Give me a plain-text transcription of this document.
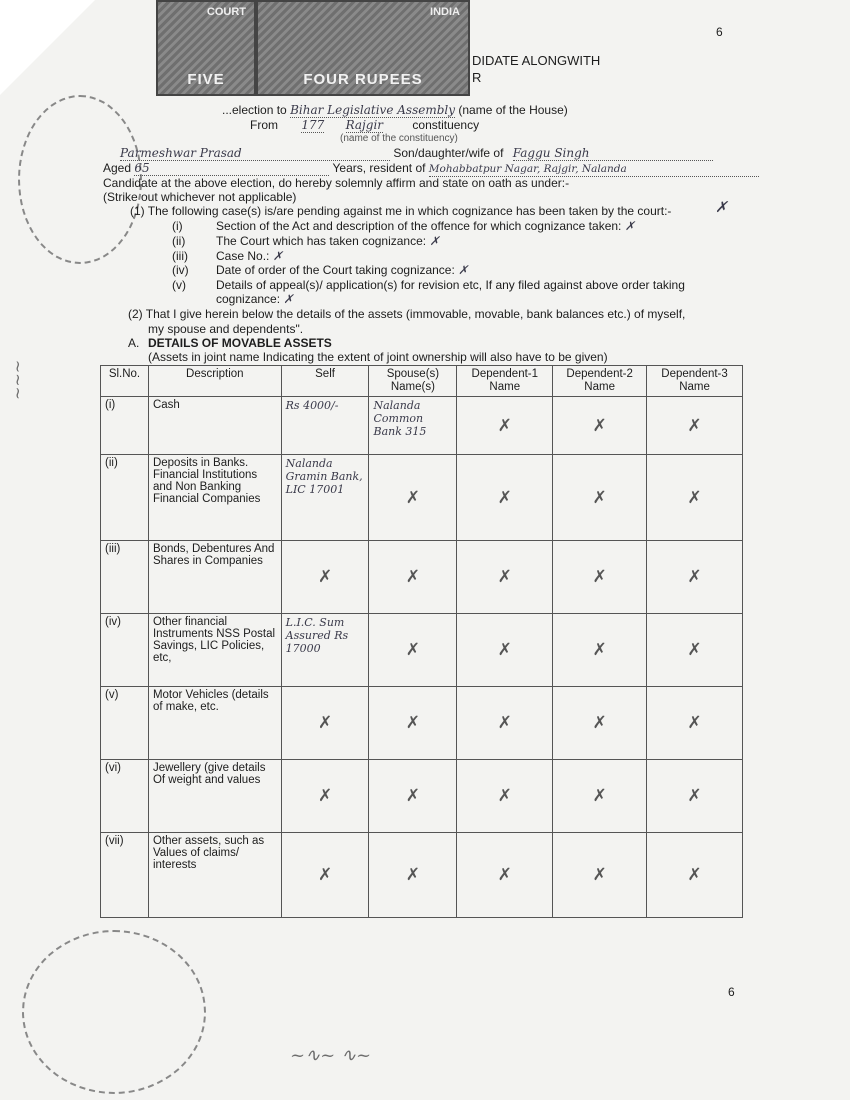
COURT
FIVE
INDIA
FOUR RUPEES
~~~
6
DIDATE ALONGWITH
R
...election to Bihar Legislative Assembly (name of the House)
From 177 Rajgir constituency
(name of the constituency)
Parmeshwar Prasad	Son/daughter/wife of Faggu Singh
Aged 65	Years, resident of Mohabbatpur Nagar, Rajgir, Nalanda
Candidate at the above election, do hereby solemnly affirm and state on oath as under:-
(Strike out whichever not applicable)
(1) The following case(s) is/are pending against me in which cognizance has been taken by the court:-	✗
(i)	Section of the Act and description of the offence for which cognizance taken: ✗
(ii)	The Court which has taken cognizance: ✗
(iii) Case No.: ✗
(iv) Date of order of the Court taking cognizance: ✗
(v)	Details of appeal(s)/ application(s) for revision etc, If any filed against above order taking
cognizance: ✗
(2) That I give herein below the details of the assets (immovable, movable, bank balances etc.) of myself,
my spouse and dependents".
A. DETAILS OF MOVABLE ASSETS
(Assets in joint name Indicating the extent of joint ownership will also have to be given)
Sl.No.	Description	Self	Spouse(s) Name(s)	Dependent-1 Name	Dependent-2 Name	Dependent-3 Name
(i)	Cash	Rs 4000/-	Nalanda Common Bank 315	✗	✗	✗
(ii)	Deposits in Banks. Financial Institutions and Non Banking Financial Companies	Nalanda Gramin Bank, LIC 17001	✗	✗	✗	✗
(iii)	Bonds, Debentures And Shares in Companies	✗	✗	✗	✗	✗
(iv)	Other financial Instruments NSS Postal Savings, LIC Policies, etc,	L.I.C. Sum Assured Rs 17000	✗	✗	✗	✗
(v)	Motor Vehicles (details of make, etc.	✗	✗	✗	✗	✗
(vi)	Jewellery (give details Of weight and values	✗	✗	✗	✗	✗
(vii)	Other assets, such as Values of claims/ interests	✗	✗	✗	✗	✗
6
~∿~ ∿~
